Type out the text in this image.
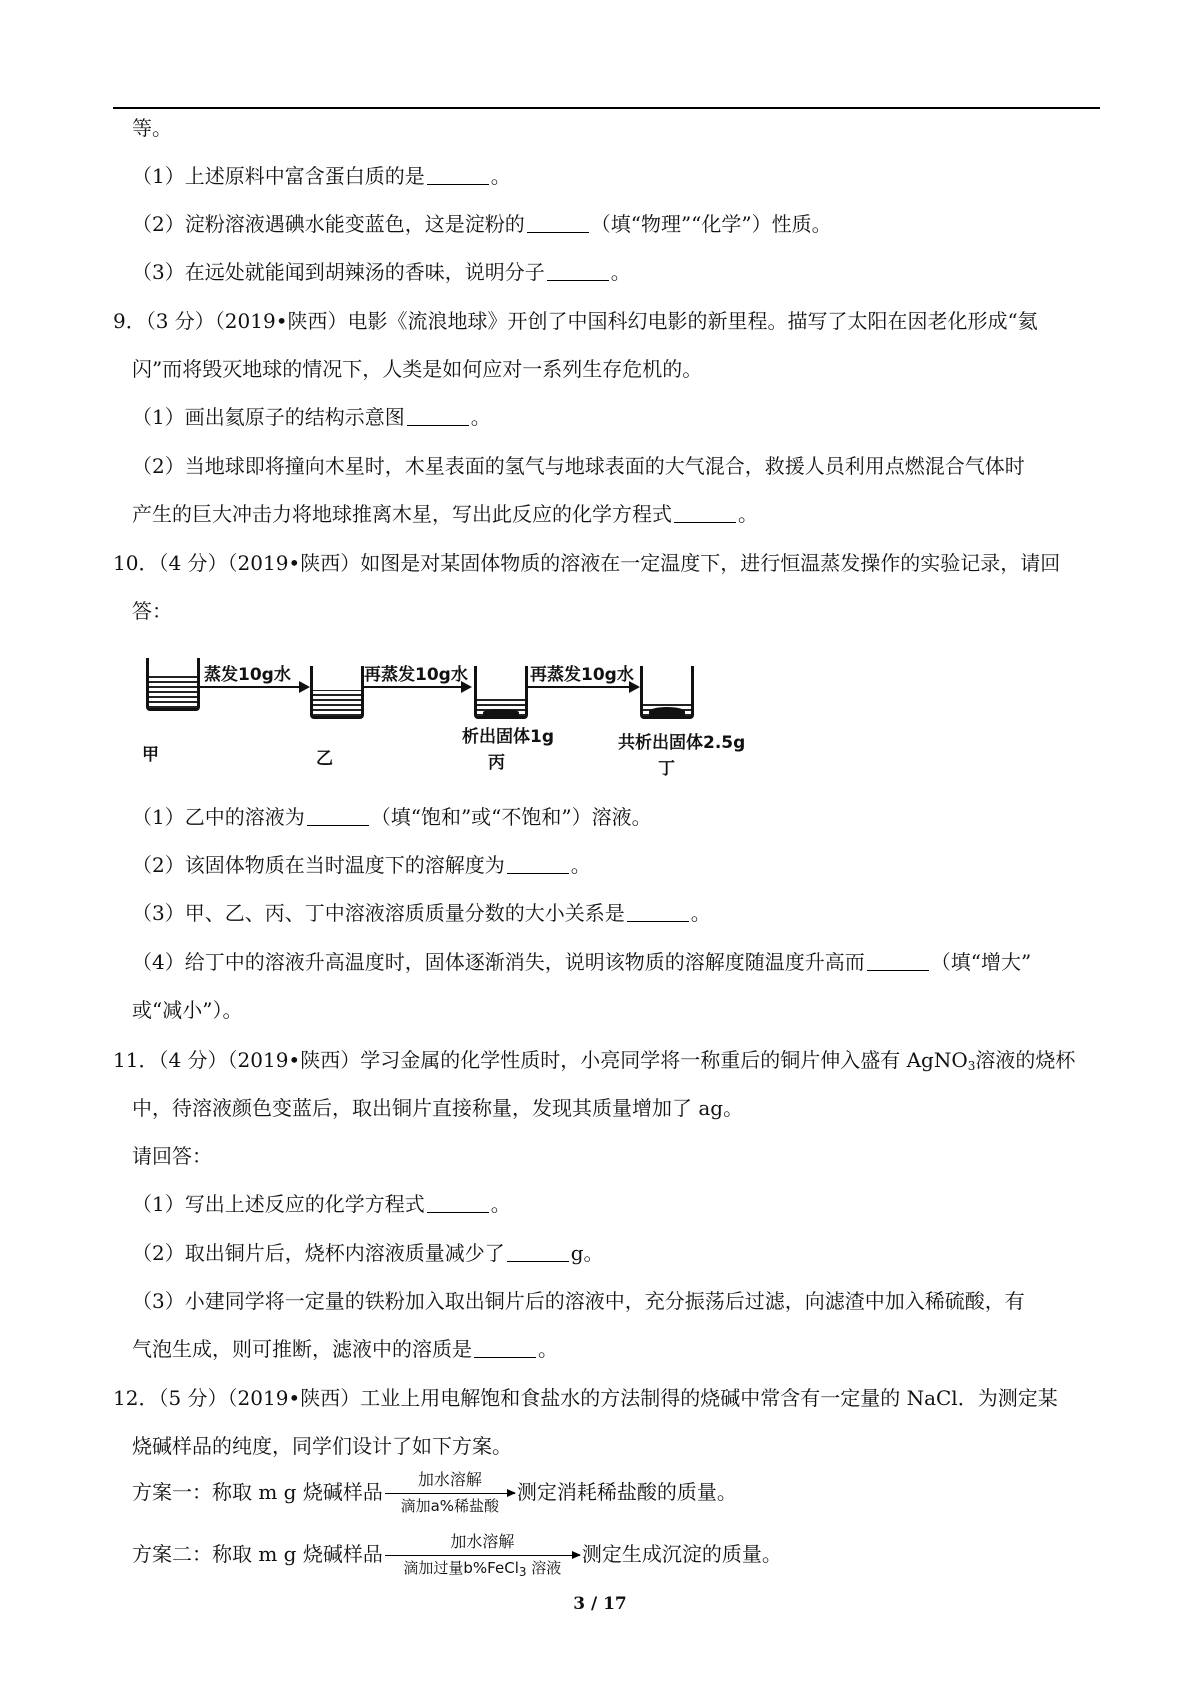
等。
（1）上述原料中富含蛋白质的是	。
（2）淀粉溶液遇碘水能变蓝色，这是淀粉的	（填“物理”“化学”）性质。
（3）在远处就能闻到胡辣汤的香味，说明分子	。
9．（3 分）（2019•陕西）电影《流浪地球》开创了中国科幻电影的新里程。描写了太阳在因老化形成“氦
闪”而将毁灭地球的情况下，人类是如何应对一系列生存危机的。
（1）画出氦原子的结构示意图	。
（2）当地球即将撞向木星时，木星表面的氢气与地球表面的大气混合，救援人员利用点燃混合气体时
产生的巨大冲击力将地球推离木星，写出此反应的化学方程式	。
10．（4 分）（2019•陕西）如图是对某固体物质的溶液在一定温度下，进行恒温蒸发操作的实验记录，请回
答：
蒸发10g水	再蒸发10g水	再蒸发10g水
甲	乙
析出固体1g
丙
共析出固体2.5g
丁
（1）乙中的溶液为	（填“饱和”或“不饱和”）溶液。
（2）该固体物质在当时温度下的溶解度为	。
（3）甲、乙、丙、丁中溶液溶质质量分数的大小关系是	。
（4）给丁中的溶液升高温度时，固体逐渐消失，说明该物质的溶解度随温度升高而	（填“增大”
或“减小”）。
11．（4 分）（2019•陕西）学习金属的化学性质时，小亮同学将一称重后的铜片伸入盛有 AgNO$_3$溶液的烧杯
中，待溶液颜色变蓝后，取出铜片直接称量，发现其质量增加了 ag。
请回答：
（1）写出上述反应的化学方程式	。
（2）取出铜片后，烧杯内溶液质量减少了	g。
（3）小建同学将一定量的铁粉加入取出铜片后的溶液中，充分振荡后过滤，向滤渣中加入稀硫酸，有
气泡生成，则可推断，滤液中的溶质是	。
12．（5 分）（2019•陕西）工业上用电解饱和食盐水的方法制得的烧碱中常含有一定量的 NaCl．为测定某
烧碱样品的纯度，同学们设计了如下方案。
方案一：称取 m g 烧碱样品
加水溶解
滴加a%稀盐酸
测定消耗稀盐酸的质量。
方案二：称取 m g 烧碱样品
加水溶解
滴加过量b%FeCl$_3$ 溶液
测定生成沉淀的质量。
3 / 17
